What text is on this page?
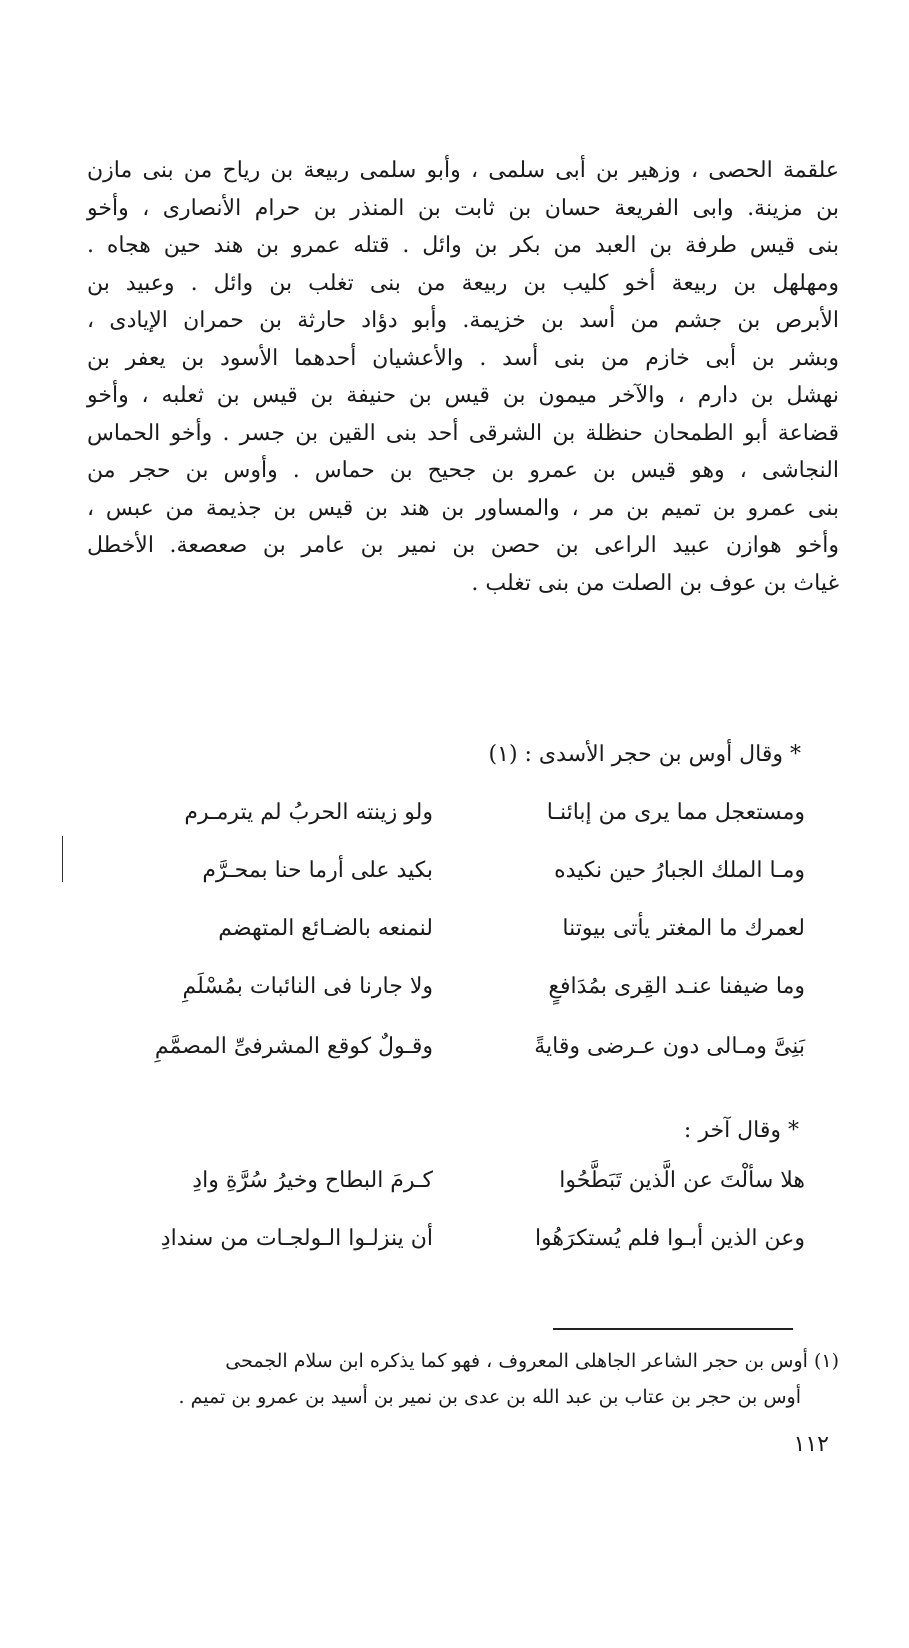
علقمة الحصى ، وزهير بن أبى سلمى ، وأبو سلمى ربيعة بن رياح من بنى مازن
بن مزينة. وابى الفريعة حسان بن ثابت بن المنذر بن حرام الأنصارى ، وأخو
بنى قيس طرفة بن العبد من بكر بن وائل . قتله عمرو بن هند حين هجاه .
ومهلهل بن ربيعة أخو كليب بن ربيعة من بنى تغلب بن وائل . وعبيد بن
الأبرص بن جشم من أسد بن خزيمة. وأبو دؤاد حارثة بن حمران الإيادى ،
وبشر بن أبى خازم من بنى أسد . والأعشيان أحدهما الأسود بن يعفر بن
نهشل بن دارم ، والآخر ميمون بن قيس بن حنيفة بن قيس بن ثعلبه ، وأخو
قضاعة أبو الطمحان حنظلة بن الشرقى أحد بنى القين بن جسر . وأخو الحماس
النجاشى ، وهو قيس بن عمرو بن جحيح بن حماس . وأوس بن حجر من
بنى عمرو بن تميم بن مر ، والمساور بن هند بن قيس بن جذيمة من عبس ،
وأخو هوازن عبيد الراعى بن حصن بن نمير بن عامر بن صعصعة. الأخطل
غياث بن عوف بن الصلت من بنى تغلب .
* وقال أوس بن حجر الأسدى : (١)
ومستعجل مما يرى من إبائنـا
ولو زينته الحربُ لم يترمـرم
ومـا الملك الجبارُ حين نكيده
بكيد على أرما حنا بمحـرَّم
لعمرك ما المغتر يأتى بيوتنا
لنمنعه بالضـائع المتهضم
وما ضيفنا عنـد القِرى بمُدَافعٍ
ولا جارنا فى النائبات بمُسْلَمِ
بَنِىَّ ومـالى دون عـرضى وقايةً
وقـولٌ كوقع المشرفىِّ المصمَّمِ
* وقال آخر :
هلا سألْتَ عن الَّذين تَبَطَّحُوا
كـرمَ البطاح وخيرُ سُرَّةِ وادِ
وعن الذين أبـوا فلم يُستكرَهُوا
أن ينزلـوا الـولجـات من سندادِ
(١) أوس بن حجر الشاعر الجاهلى المعروف ، فهو كما يذكره ابن سلام الجمحى
أوس بن حجر بن عتاب بن عبد الله بن عدى بن نمير بن أسيد بن عمرو بن تميم .
١١٢
